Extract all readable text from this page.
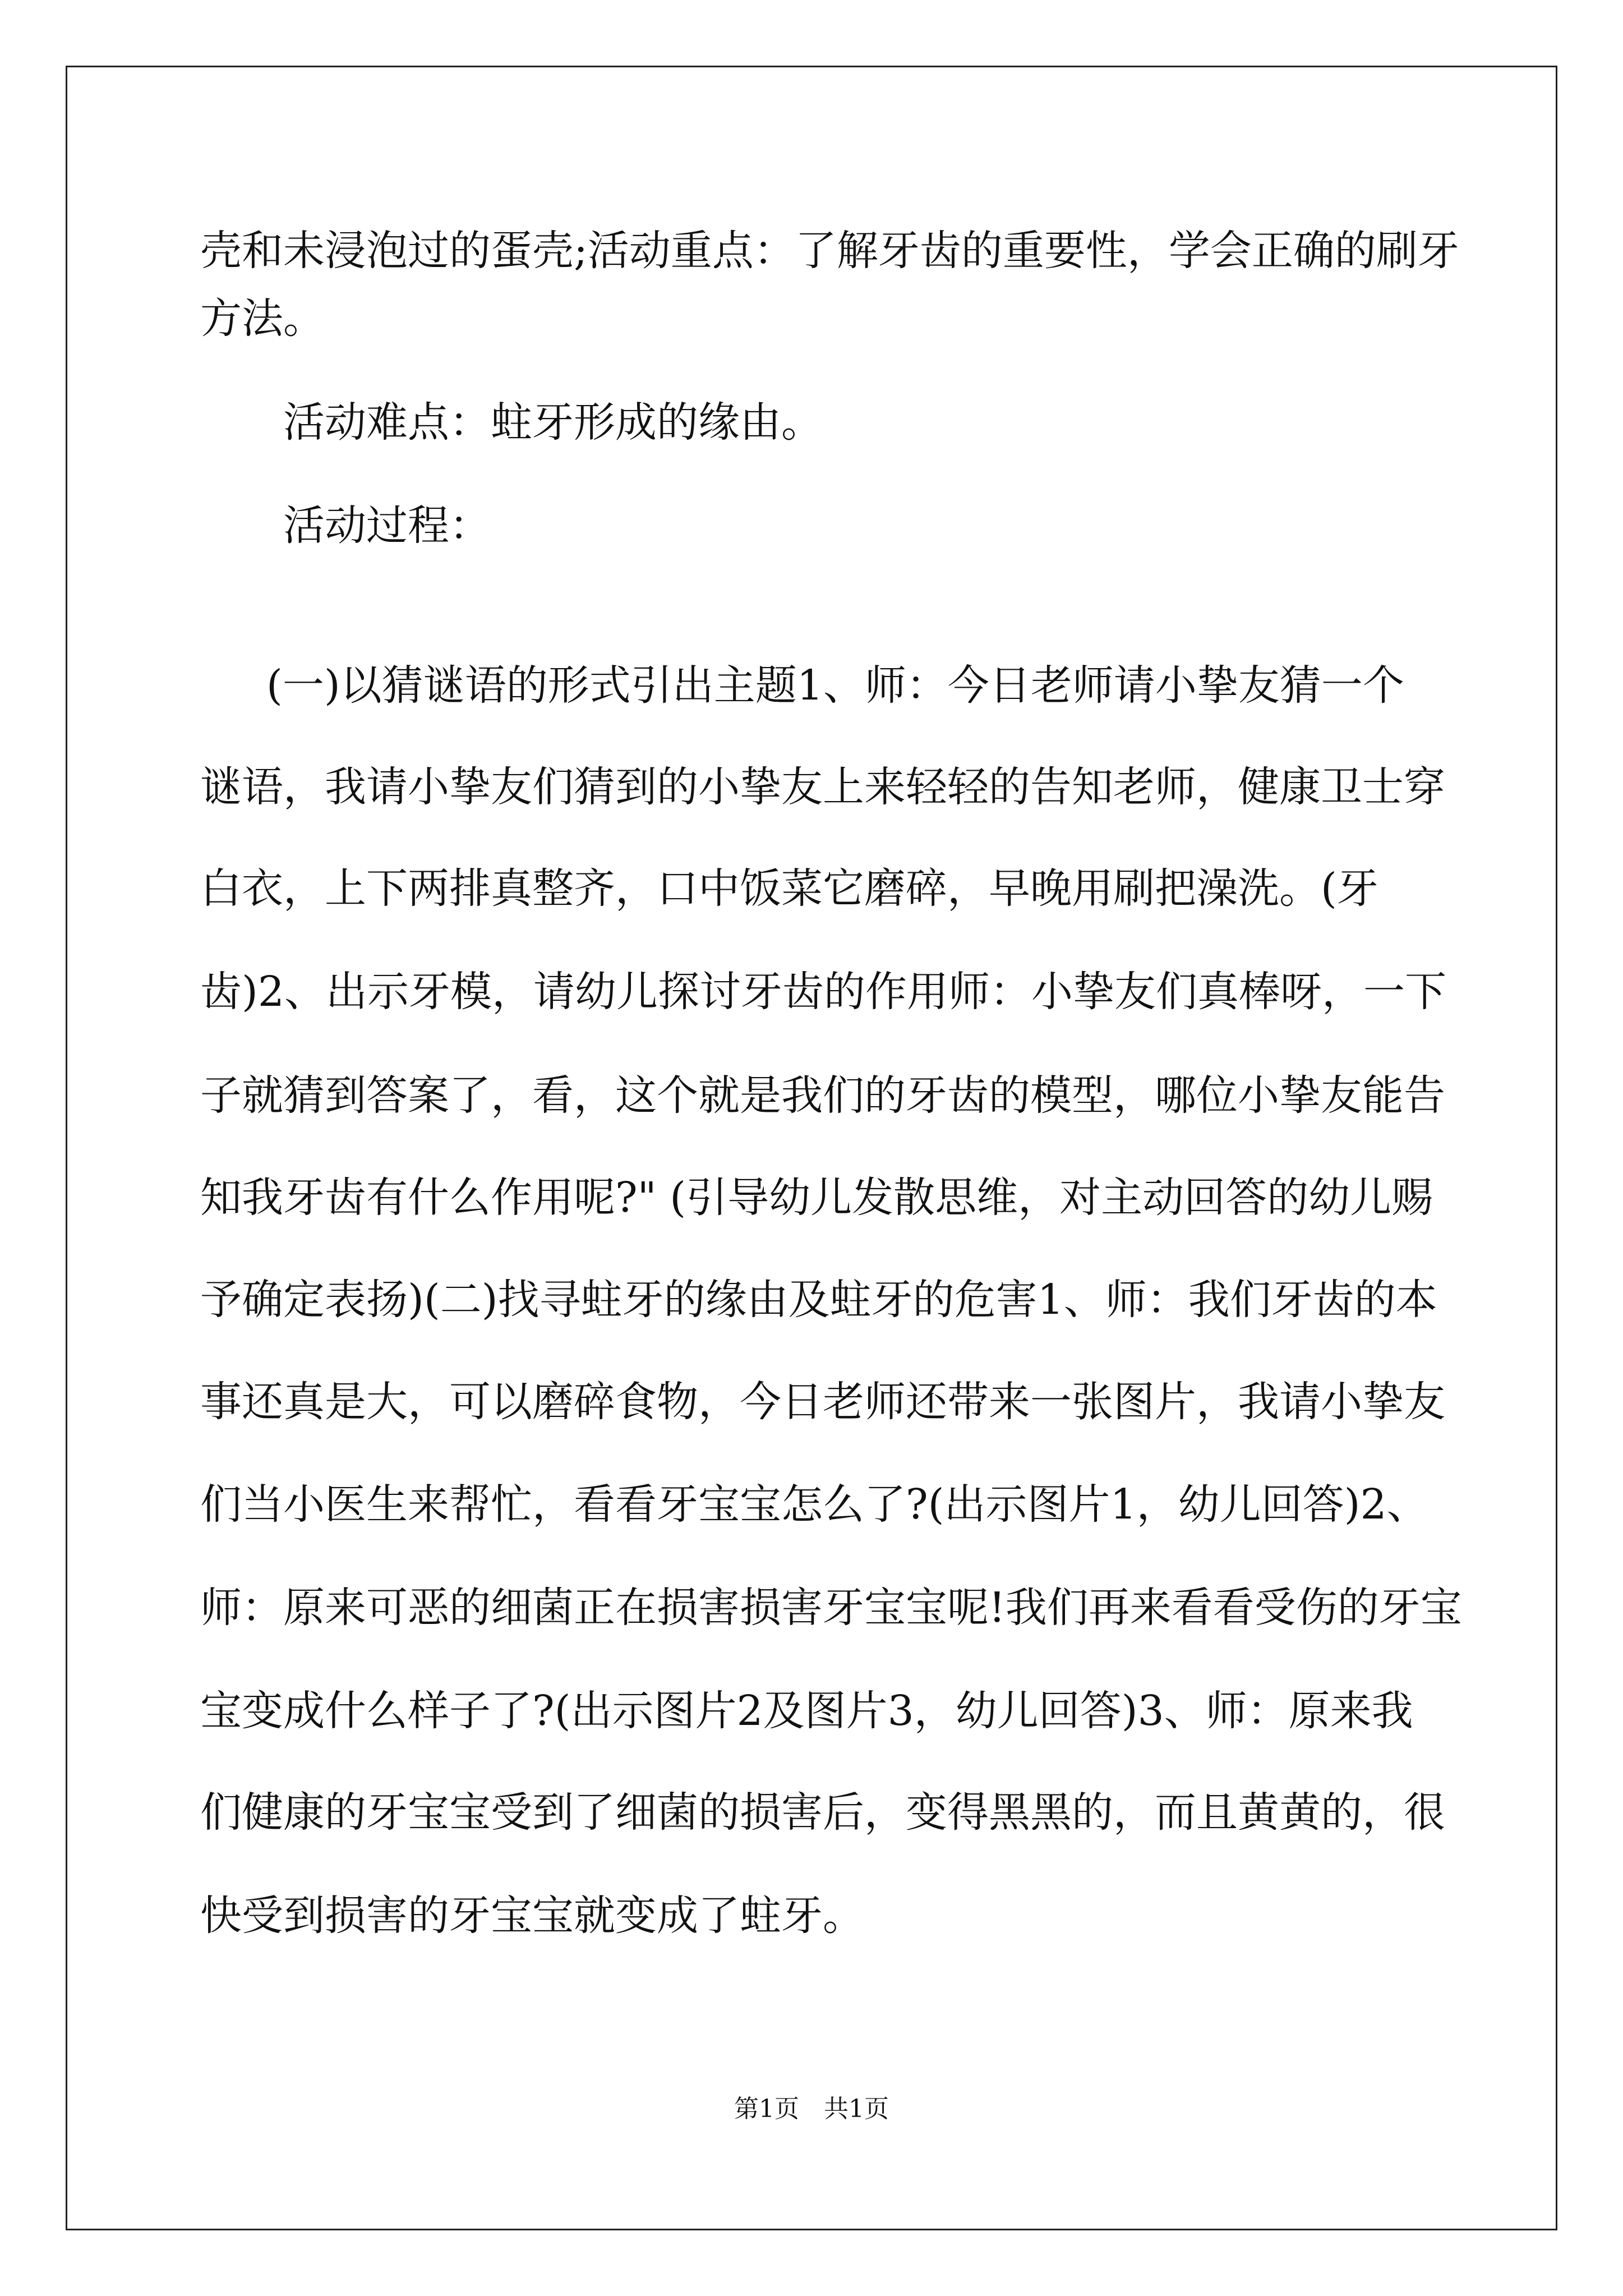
壳和未浸泡过的蛋壳;活动重点：了解牙齿的重要性，学会正确的刷牙
方法。
活动难点：蛀牙形成的缘由。
活动过程：
(一)以猜谜语的形式引出主题1、师：今日老师请小挚友猜一个
谜语，我请小挚友们猜到的小挚友上来轻轻的告知老师，健康卫士穿
白衣，上下两排真整齐，口中饭菜它磨碎，早晚用刷把澡洗。(牙
齿)2、出示牙模，请幼儿探讨牙齿的作用师：小挚友们真棒呀，一下
子就猜到答案了，看，这个就是我们的牙齿的模型，哪位小挚友能告
知我牙齿有什么作用呢?" (引导幼儿发散思维，对主动回答的幼儿赐
予确定表扬)(二)找寻蛀牙的缘由及蛀牙的危害1、师：我们牙齿的本
事还真是大，可以磨碎食物，今日老师还带来一张图片，我请小挚友
们当小医生来帮忙，看看牙宝宝怎么了?(出示图片1，幼儿回答)2、
师：原来可恶的细菌正在损害损害牙宝宝呢!我们再来看看受伤的牙宝
宝变成什么样子了?(出示图片2及图片3，幼儿回答)3、师：原来我
们健康的牙宝宝受到了细菌的损害后，变得黑黑的，而且黄黄的，很
快受到损害的牙宝宝就变成了蛀牙。
第1页　共1页
